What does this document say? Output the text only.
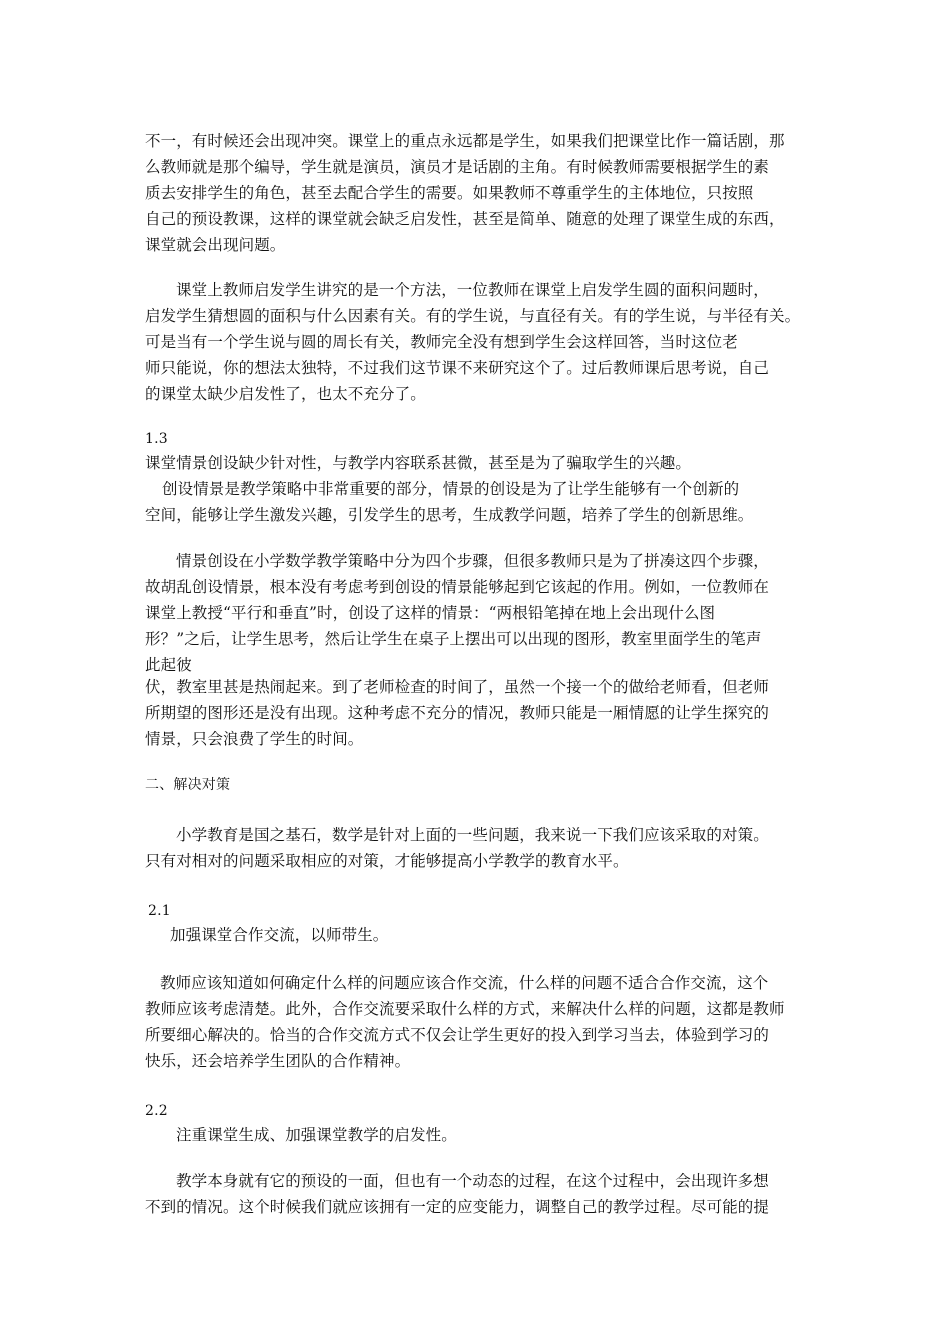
不一，有时候还会出现冲突。课堂上的重点永远都是学生，如果我们把课堂比作一篇话剧，那
么教师就是那个编导，学生就是演员，演员才是话剧的主角。有时候教师需要根据学生的素
质去安排学生的角色，甚至去配合学生的需要。如果教师不尊重学生的主体地位，只按照
自己的预设教课，这样的课堂就会缺乏启发性，甚至是简单、随意的处理了课堂生成的东西，
课堂就会出现问题。
课堂上教师启发学生讲究的是一个方法，一位教师在课堂上启发学生圆的面积问题时，
启发学生猜想圆的面积与什么因素有关。有的学生说，与直径有关。有的学生说，与半径有关。
可是当有一个学生说与圆的周长有关，教师完全没有想到学生会这样回答，当时这位老
师只能说，你的想法太独特，不过我们这节课不来研究这个了。过后教师课后思考说，自己
的课堂太缺少启发性了，也太不充分了。
1.3
课堂情景创设缺少针对性，与教学内容联系甚微，甚至是为了骗取学生的兴趣。
创设情景是教学策略中非常重要的部分，情景的创设是为了让学生能够有一个创新的
空间，能够让学生激发兴趣，引发学生的思考，生成教学问题，培养了学生的创新思维。
情景创设在小学数学教学策略中分为四个步骤，但很多教师只是为了拼凑这四个步骤，
故胡乱创设情景，根本没有考虑考到创设的情景能够起到它该起的作用。例如，一位教师在
课堂上教授“平行和垂直”时，创设了这样的情景：“两根铅笔掉在地上会出现什么图
形？”之后，让学生思考，然后让学生在桌子上摆出可以出现的图形，教室里面学生的笔声
此起彼
伏，教室里甚是热闹起来。到了老师检查的时间了，虽然一个接一个的做给老师看，但老师
所期望的图形还是没有出现。这种考虑不充分的情况，教师只能是一厢情愿的让学生探究的
情景，只会浪费了学生的时间。
二、解决对策
小学教育是国之基石，数学是针对上面的一些问题，我来说一下我们应该采取的对策。
只有对相对的问题采取相应的对策，才能够提高小学教学的教育水平。
2.1
加强课堂合作交流，以师带生。
教师应该知道如何确定什么样的问题应该合作交流，什么样的问题不适合合作交流，这个
教师应该考虑清楚。此外，合作交流要采取什么样的方式，来解决什么样的问题，这都是教师
所要细心解决的。恰当的合作交流方式不仅会让学生更好的投入到学习当去，体验到学习的
快乐，还会培养学生团队的合作精神。
2.2
注重课堂生成、加强课堂教学的启发性。
教学本身就有它的预设的一面，但也有一个动态的过程，在这个过程中，会出现许多想
不到的情况。这个时候我们就应该拥有一定的应变能力，调整自己的教学过程。尽可能的提
